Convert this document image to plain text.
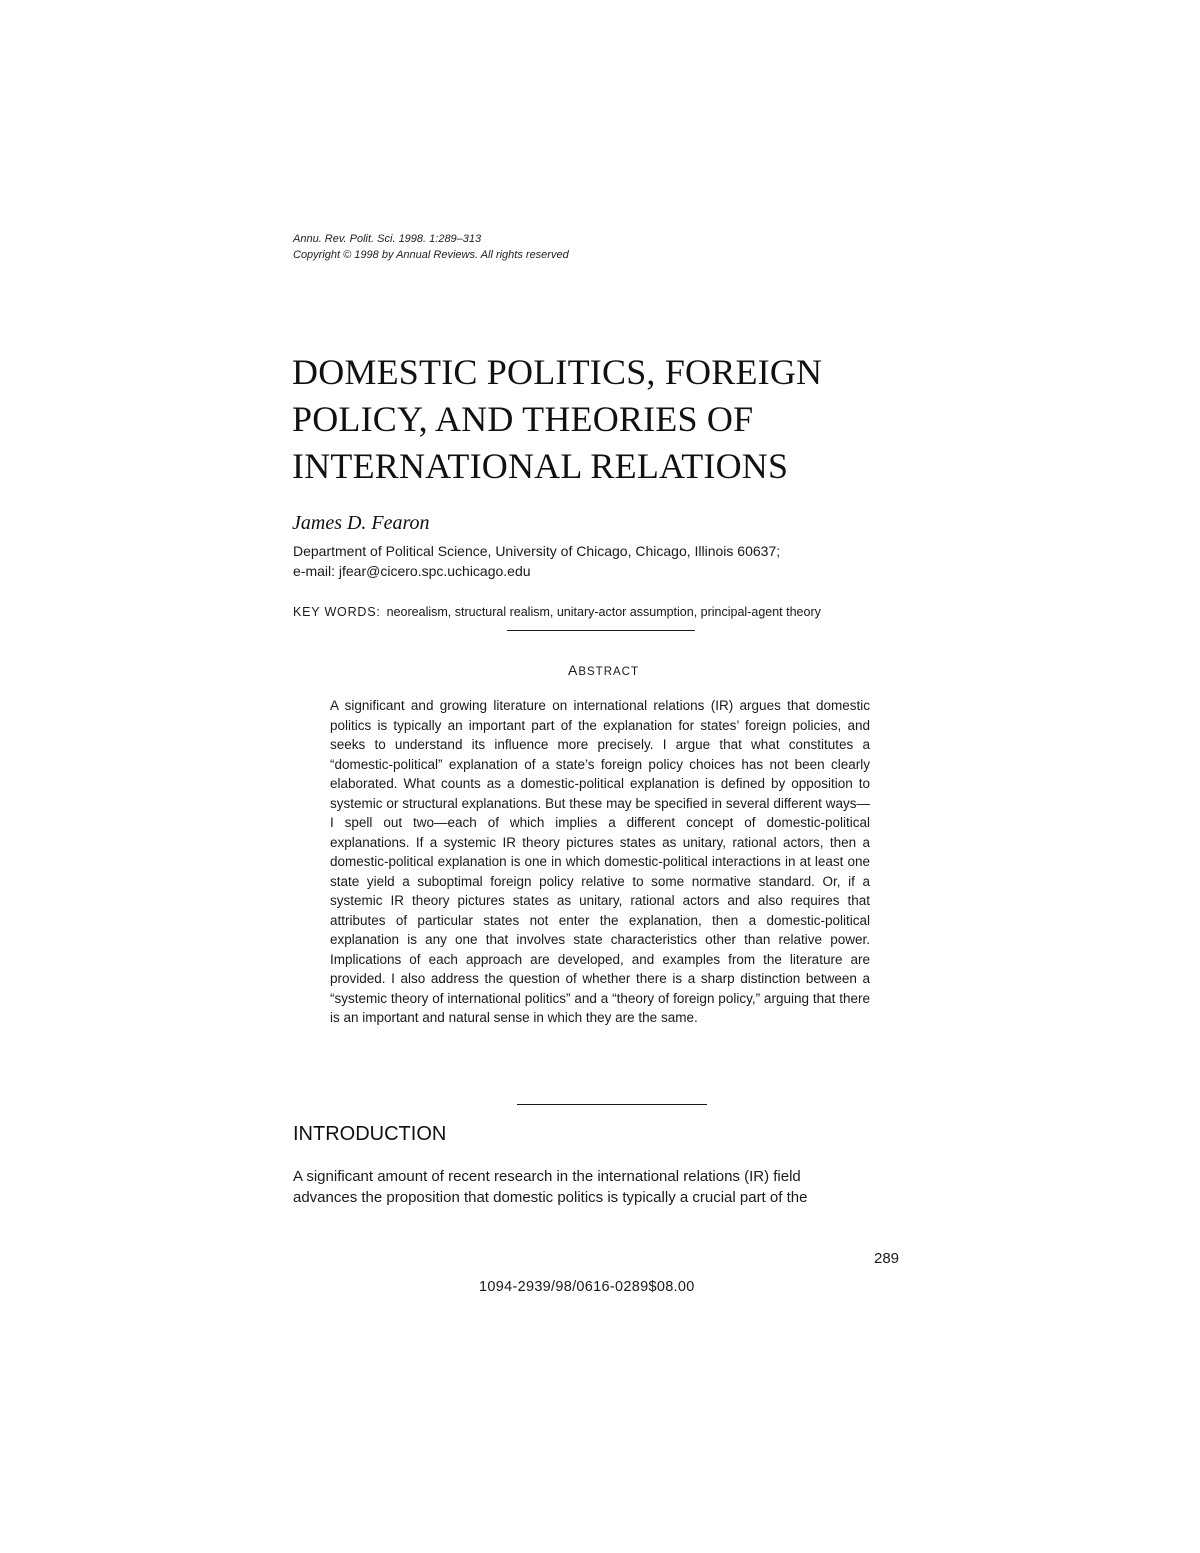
Annu. Rev. Polit. Sci. 1998. 1:289–313
Copyright © 1998 by Annual Reviews. All rights reserved
DOMESTIC POLITICS, FOREIGN
POLICY, AND THEORIES OF
INTERNATIONAL RELATIONS
James D. Fearon
Department of Political Science, University of Chicago, Chicago, Illinois 60637;
e-mail: jfear@cicero.spc.uchicago.edu
KEY WORDS: neorealism, structural realism, unitary-actor assumption, principal-agent theory
ABSTRACT

A significant and growing literature on international relations (IR) argues that domestic politics is typically an important part of the explanation for states’ foreign policies, and seeks to understand its influence more precisely. I argue that what constitutes a “domestic-political” explanation of a state’s foreign policy choices has not been clearly elaborated. What counts as a domestic-political explanation is defined by opposition to systemic or structural explanations. But these may be specified in several different ways—I spell out two—each of which implies a different concept of domestic-political explanations. If a systemic IR theory pictures states as unitary, rational actors, then a domestic-political explanation is one in which domestic-political interactions in at least one state yield a suboptimal foreign policy relative to some normative standard. Or, if a systemic IR theory pictures states as unitary, rational actors and also requires that attributes of particular states not enter the explanation, then a domestic-political explanation is any one that involves state characteristics other than relative power. Implications of each approach are developed, and examples from the literature are provided. I also address the question of whether there is a sharp distinction between a “systemic theory of international politics” and a “theory of foreign policy,” arguing that there is an important and natural sense in which they are the same.

INTRODUCTION
A significant amount of recent research in the international relations (IR) field
advances the proposition that domestic politics is typically a crucial part of the
289
1094-2939/98/0616-0289$08.00
